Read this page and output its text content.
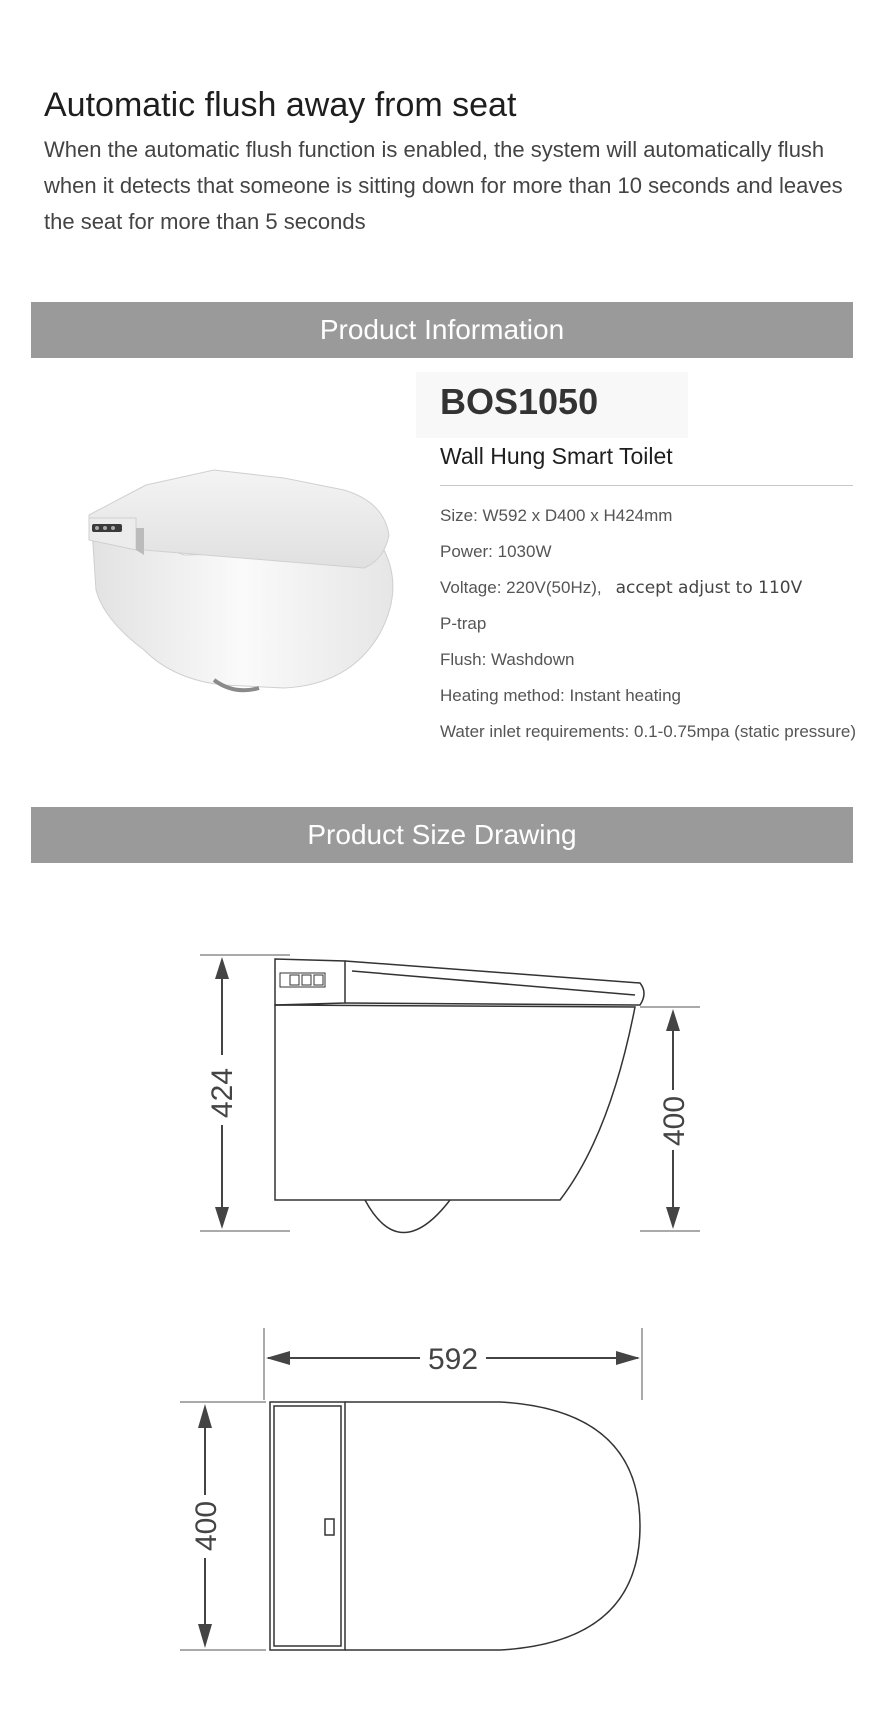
Automatic flush away from seat
When the automatic flush function is enabled, the system will automatically flush when it detects that someone is sitting down for more than 10 seconds and leaves the seat for more than 5 seconds
Product Information
BOS1050
Wall Hung Smart Toilet
Size: W592 x D400 x H424mm
Power: 1030W
Voltage: 220V(50Hz), accept adjust to 110V
P-trap
Flush: Washdown
Heating method: Instant heating
Water inlet requirements: 0.1-0.75mpa (static pressure)
Product Size Drawing
424
400
592
400
